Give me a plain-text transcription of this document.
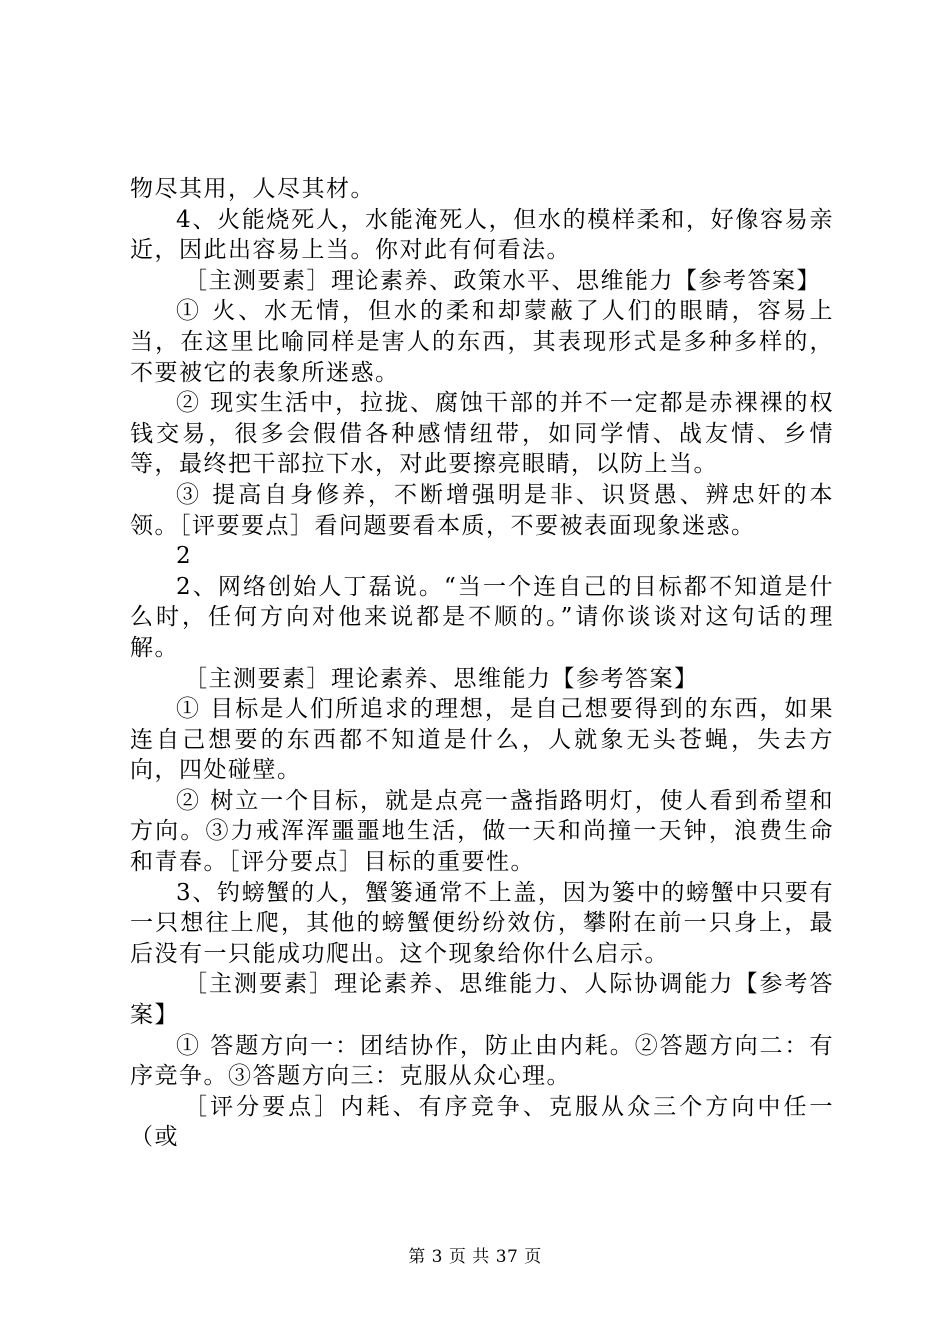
物尽其用，人尽其材。

4、火能烧死人，水能淹死人，但水的模样柔和，好像容易亲近，因此出容易上当。你对此有何看法。

［主测要素］理论素养、政策水平、思维能力【参考答案】

① 火、水无情，但水的柔和却蒙蔽了人们的眼睛，容易上当，在这里比喻同样是害人的东西，其表现形式是多种多样的，不要被它的表象所迷惑。

② 现实生活中，拉拢、腐蚀干部的并不一定都是赤裸裸的权钱交易，很多会假借各种感情纽带，如同学情、战友情、乡情等，最终把干部拉下水，对此要擦亮眼睛，以防上当。

③ 提高自身修养，不断增强明是非、识贤愚、辨忠奸的本领。［评要要点］看问题要看本质，不要被表面现象迷惑。

2

2、网络创始人丁磊说。“当一个连自己的目标都不知道是什么时，任何方向对他来说都是不顺的。”请你谈谈对这句话的理解。

［主测要素］理论素养、思维能力【参考答案】

① 目标是人们所追求的理想，是自己想要得到的东西，如果连自己想要的东西都不知道是什么，人就象无头苍蝇，失去方向，四处碰壁。

② 树立一个目标，就是点亮一盏指路明灯，使人看到希望和方向。③力戒浑浑噩噩地生活，做一天和尚撞一天钟，浪费生命和青春。［评分要点］目标的重要性。

3、钓螃蟹的人，蟹篓通常不上盖，因为篓中的螃蟹中只要有一只想往上爬，其他的螃蟹便纷纷效仿，攀附在前一只身上，最后没有一只能成功爬出。这个现象给你什么启示。

［主测要素］理论素养、思维能力、人际协调能力【参考答案】

① 答题方向一：团结协作，防止由内耗。②答题方向二：有序竞争。③答题方向三：克服从众心理。

［评分要点］内耗、有序竞争、克服从众三个方向中任一（或

第 3 页 共 37 页
